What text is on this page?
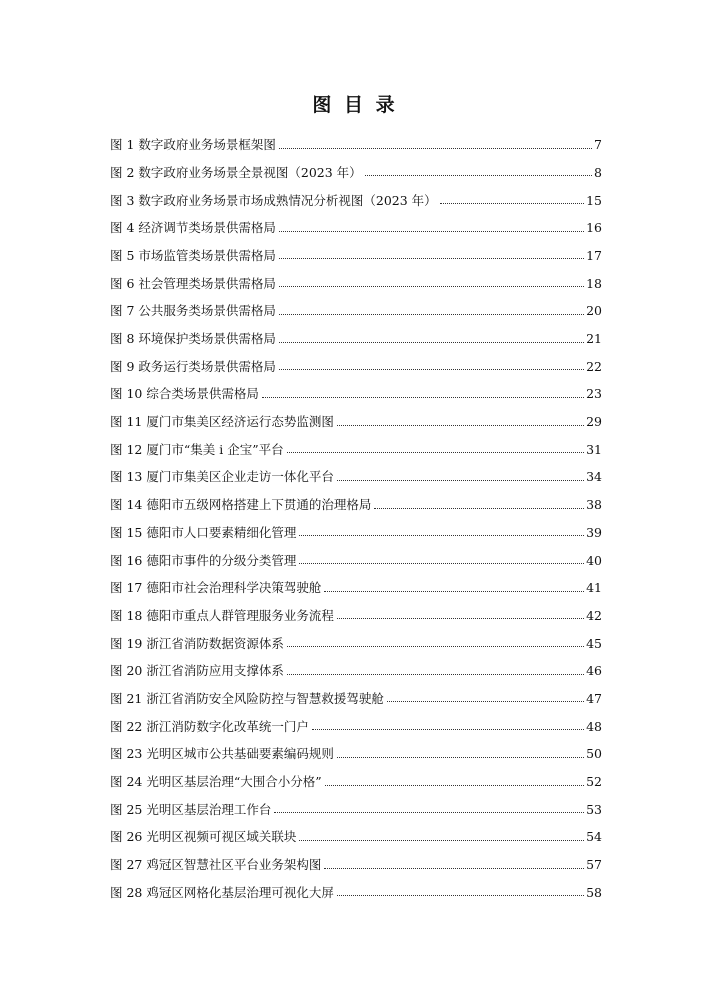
图 目 录
图 1 数字政府业务场景框架图	7
图 2 数字政府业务场景全景视图（2023 年）	8
图 3 数字政府业务场景市场成熟情况分析视图（2023 年）	15
图 4 经济调节类场景供需格局	16
图 5 市场监管类场景供需格局	17
图 6 社会管理类场景供需格局	18
图 7 公共服务类场景供需格局	20
图 8 环境保护类场景供需格局	21
图 9 政务运行类场景供需格局	22
图 10 综合类场景供需格局	23
图 11 厦门市集美区经济运行态势监测图	29
图 12 厦门市“集美 i 企宝”平台	31
图 13 厦门市集美区企业走访一体化平台	34
图 14 德阳市五级网格搭建上下贯通的治理格局	38
图 15 德阳市人口要素精细化管理	39
图 16 德阳市事件的分级分类管理	40
图 17 德阳市社会治理科学决策驾驶舱	41
图 18 德阳市重点人群管理服务业务流程	42
图 19 浙江省消防数据资源体系	45
图 20 浙江省消防应用支撑体系	46
图 21 浙江省消防安全风险防控与智慧救援驾驶舱	47
图 22 浙江消防数字化改革统一门户	48
图 23 光明区城市公共基础要素编码规则	50
图 24 光明区基层治理“大围合小分格”	52
图 25 光明区基层治理工作台	53
图 26 光明区视频可视区域关联块	54
图 27 鸡冠区智慧社区平台业务架构图	57
图 28 鸡冠区网格化基层治理可视化大屏	58
